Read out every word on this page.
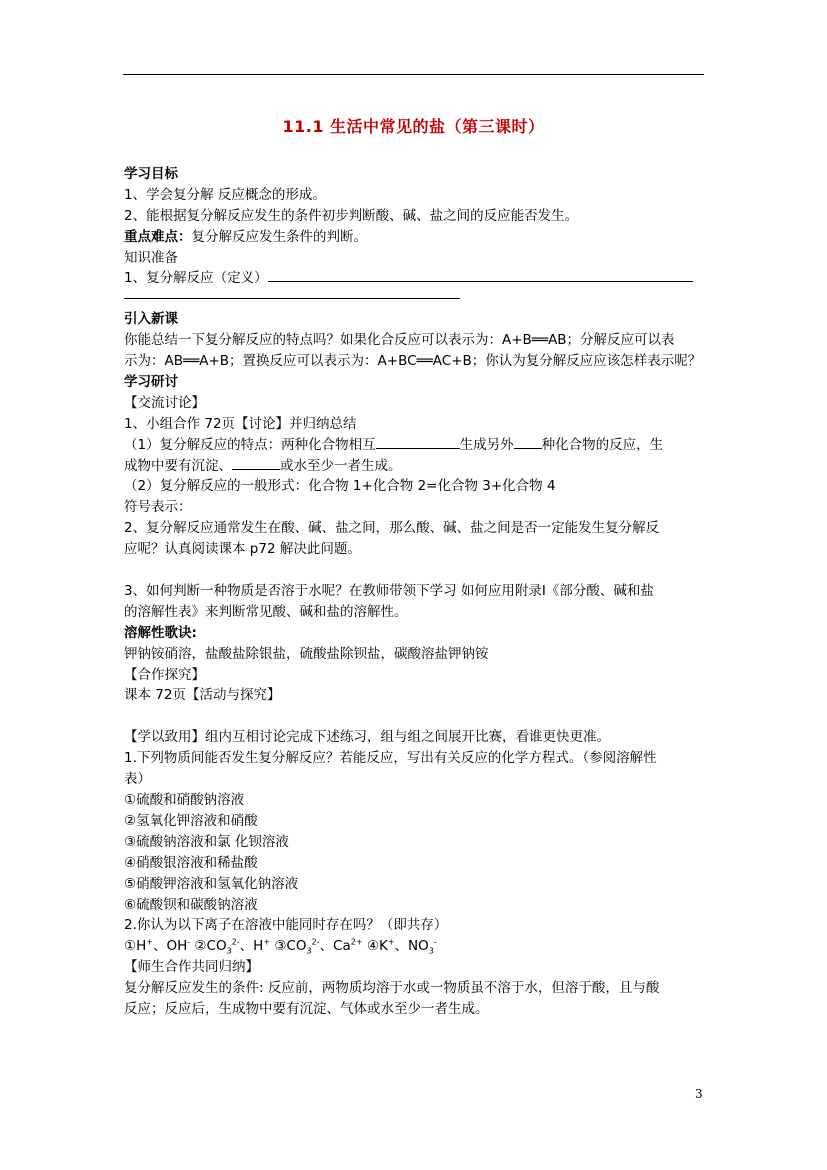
11.1 生活中常见的盐（第三课时）
学习目标
1、学会复分解 反应概念的形成。
2、能根据复分解反应发生的条件初步判断酸、碱、盐之间的反应能否发生。
重点难点：复分解反应发生条件的判断。
知识准备
1、复分解反应（定义）
引入新课
你能总结一下复分解反应的特点吗？如果化合反应可以表示为：A+B══AB；分解反应可以表
示为：AB══A+B；置换反应可以表示为：A+BC══AC+B；你认为复分解反应应该怎样表示呢？
学习研讨
【交流讨论】
1、小组合作 72页【讨论】并归纳总结
（1）复分解反应的特点：两种化合物相互	生成另外 种化合物的反应，生
成物中要有沉淀、	或水至少一者生成。
（2）复分解反应的一般形式：化合物 1+化合物 2=化合物 3+化合物 4
符号表示：
2、复分解反应通常发生在酸、碱、盐之间，那么酸、碱、盐之间是否一定能发生复分解反
应呢？认真阅读课本 p72 解决此问题。
3、如何判断一种物质是否溶于水呢？在教师带领下学习 如何应用附录Ⅰ《部分酸、碱和盐
的溶解性表》来判断常见酸、碱和盐的溶解性。
溶解性歌诀:
钾钠铵硝溶，盐酸盐除银盐，硫酸盐除钡盐，碳酸溶盐钾钠铵
【合作探究】
课本 72页【活动与探究】
【学以致用】组内互相讨论完成下述练习，组与组之间展开比赛，看谁更快更准。
1.下列物质间能否发生复分解反应？若能反应，写出有关反应的化学方程式。（参阅溶解性
表）
①硫酸和硝酸钠溶液
②氢氧化钾溶液和硝酸
③硫酸钠溶液和氯 化钡溶液
④硝酸银溶液和稀盐酸
⑤硝酸钾溶液和氢氧化钠溶液
⑥硫酸钡和碳酸钠溶液
2.你认为以下离子在溶液中能同时存在吗？（即共存）
①H+、OH- $②CO_3^{2-}$、H+ $③CO_3^{2-}$、$Ca^{2+}$ ④K+、$NO_3^-$
【师生合作共同归纳】
复分解反应发生的条件: 反应前，两物质均溶于水或一物质虽不溶于水，但溶于酸，且与酸
反应；反应后，生成物中要有沉淀、气体或水至少一者生成。
3
